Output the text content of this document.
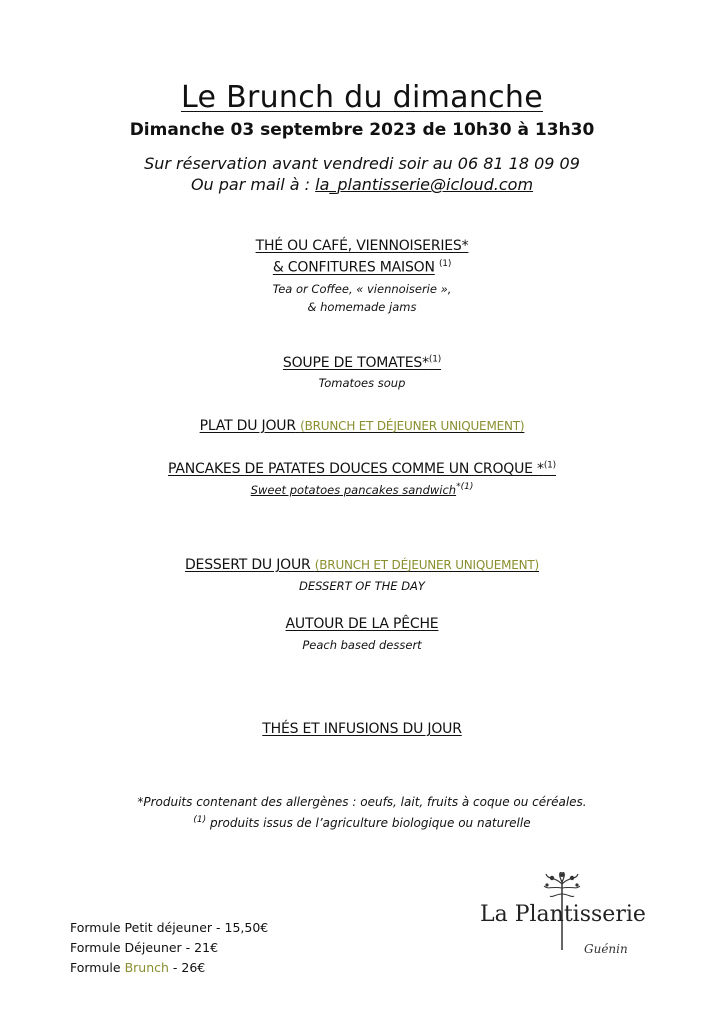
Le Brunch du dimanche
Dimanche 03 septembre 2023 de 10h30 à 13h30
Sur réservation avant vendredi soir au 06 81 18 09 09
Ou par mail à : la_plantisserie@icloud.com
THÉ OU CAFÉ, VIENNOISERIES*
& CONFITURES MAISON $^{(1)}$
Tea or Coffee, « viennoiserie »,
& homemade jams
SOUPE DE TOMATES*$^{(1)}$
Tomatoes soup
PLAT DU JOUR (BRUNCH ET DÉJEUNER UNIQUEMENT)
PANCAKES DE PATATES DOUCES COMME UN CROQUE *$^{(1)}$
Sweet potatoes pancakes sandwich$^{*(1)}$
DESSERT DU JOUR (BRUNCH ET DÉJEUNER UNIQUEMENT)
DESSERT OF THE DAY
AUTOUR DE LA PÊCHE
Peach based dessert
THÉS ET INFUSIONS DU JOUR
*Produits contenant des allergènes : oeufs, lait, fruits à coque ou céréales.
$^{(1)}$ produits issus de l’agriculture biologique ou naturelle
Formule Petit déjeuner - 15,50€
Formule Déjeuner - 21€
Formule Brunch - 26€
La Plantisserie
Guénin
